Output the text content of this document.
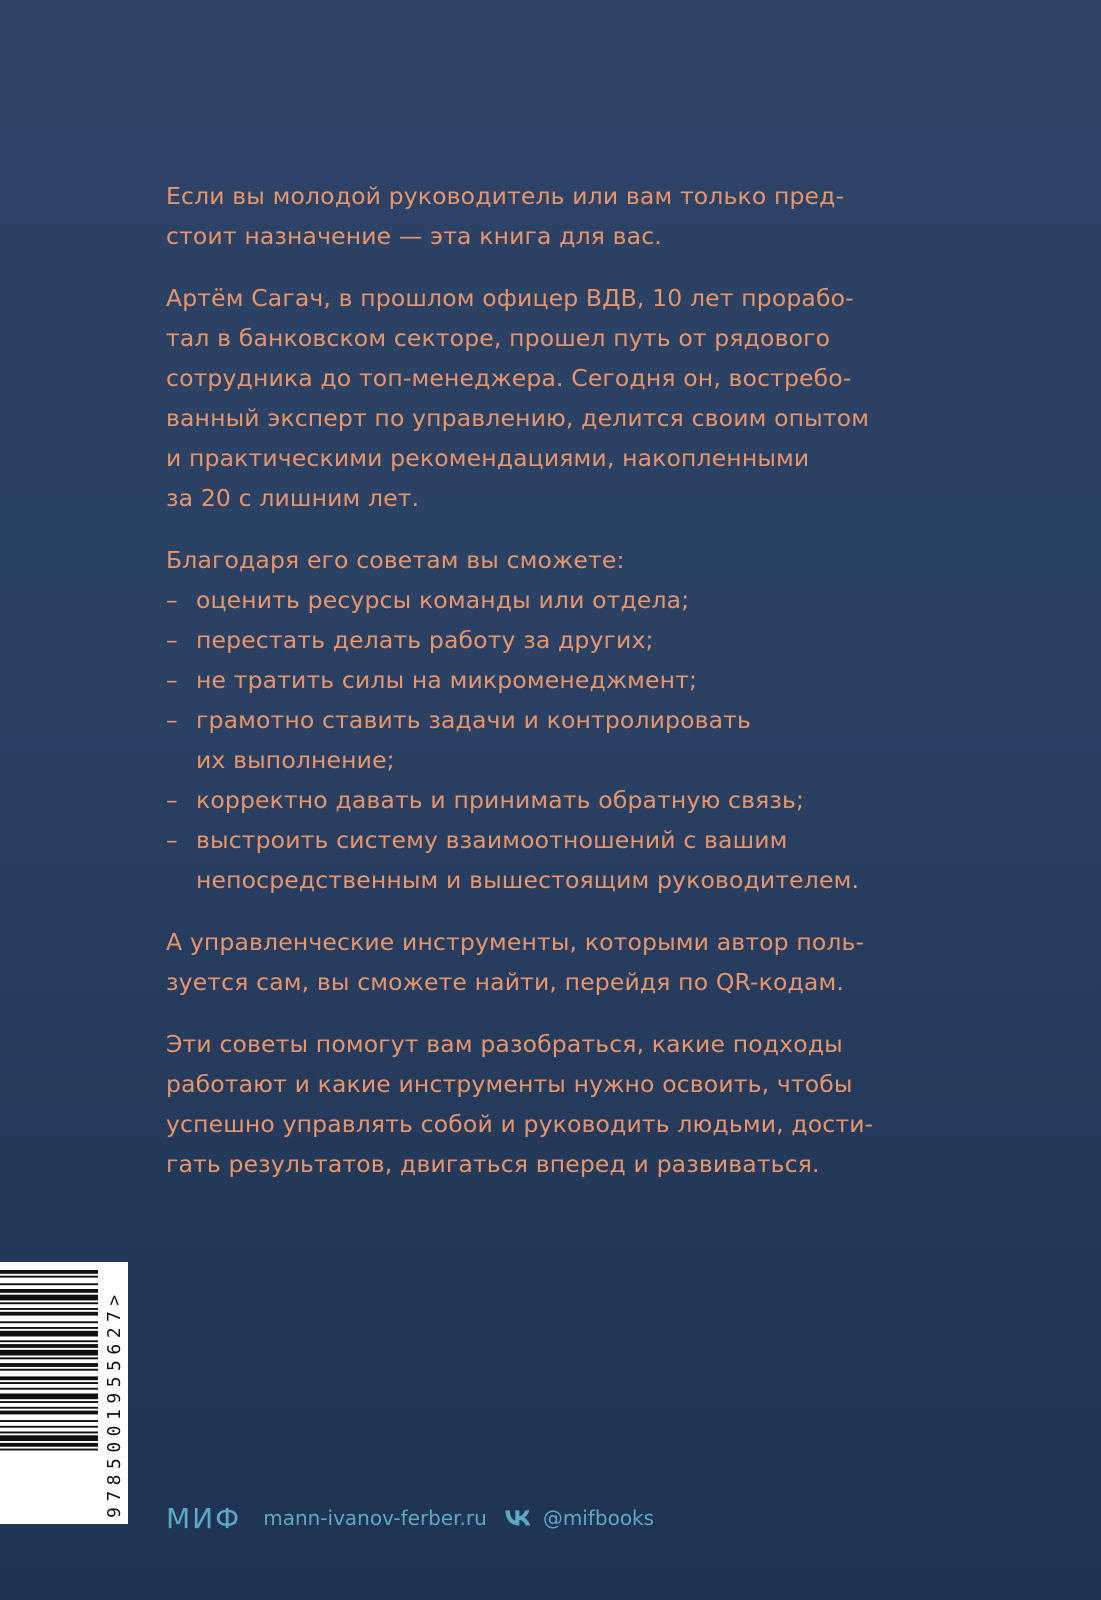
Если вы молодой руководитель или вам только пред-
стоит назначение — эта книга для вас.
Артём Сагач, в прошлом офицер ВДВ, 10 лет прорабо-
тал в банковском секторе, прошел путь от рядового
сотрудника до топ-менеджера. Сегодня он, востребо-
ванный эксперт по управлению, делится своим опытом
и практическими рекомендациями, накопленными
за 20 с лишним лет.
Благодаря его советам вы сможете:
– оценить ресурсы команды или отдела;
– перестать делать работу за других;
– не тратить силы на микроменеджмент;
– грамотно ставить задачи и контролировать
их выполнение;
– корректно давать и принимать обратную связь;
– выстроить систему взаимоотношений с вашим
непосредственным и вышестоящим руководителем.
А управленческие инструменты, которыми автор поль-
зуется сам, вы сможете найти, перейдя по QR-кодам.
Эти советы помогут вам разобраться, какие подходы
работают и какие инструменты нужно освоить, чтобы
успешно управлять собой и руководить людьми, дости-
гать результатов, двигаться вперед и развиваться.
9785001955627> МИФ mann-ivanov-ferber.ru	@mifbooks
